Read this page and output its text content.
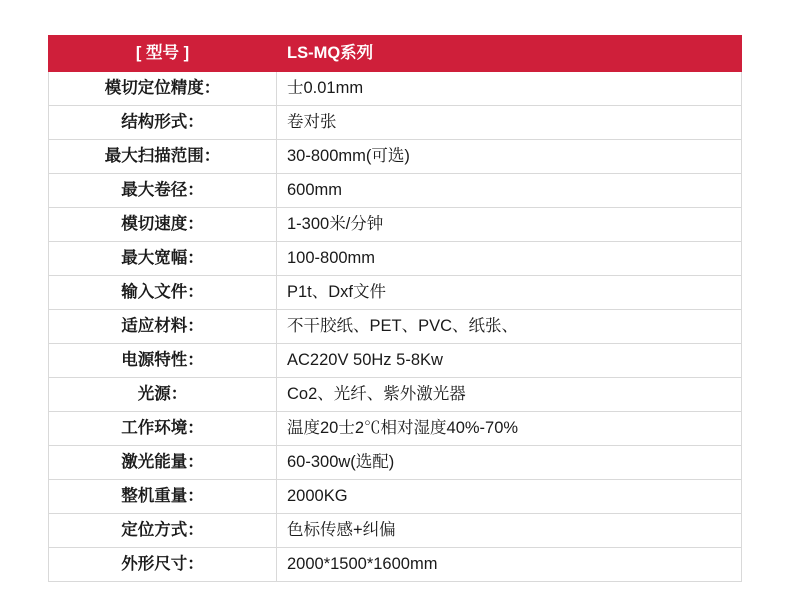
[ 型号 ]	LS-MQ系列
模切定位精度：	士0.01mm
结构形式：	卷对张
最大扫描范围：	30-800mm(可选)
最大卷径：	600mm
模切速度：	1-300米/分钟
最大宽幅：	100-800mm
输入文件：	P1t、Dxf文件
适应材料：	不干胶纸、PET、PVC、纸张、
电源特性：	AC220V 50Hz 5-8Kw
光源：	Co2、光纤、紫外激光器
工作环境：	温度20士2℃相对湿度40%-70%
激光能量：	60-300w(选配)
整机重量：	2000KG
定位方式：	色标传感+纠偏
外形尺寸：	2000*1500*1600mm
